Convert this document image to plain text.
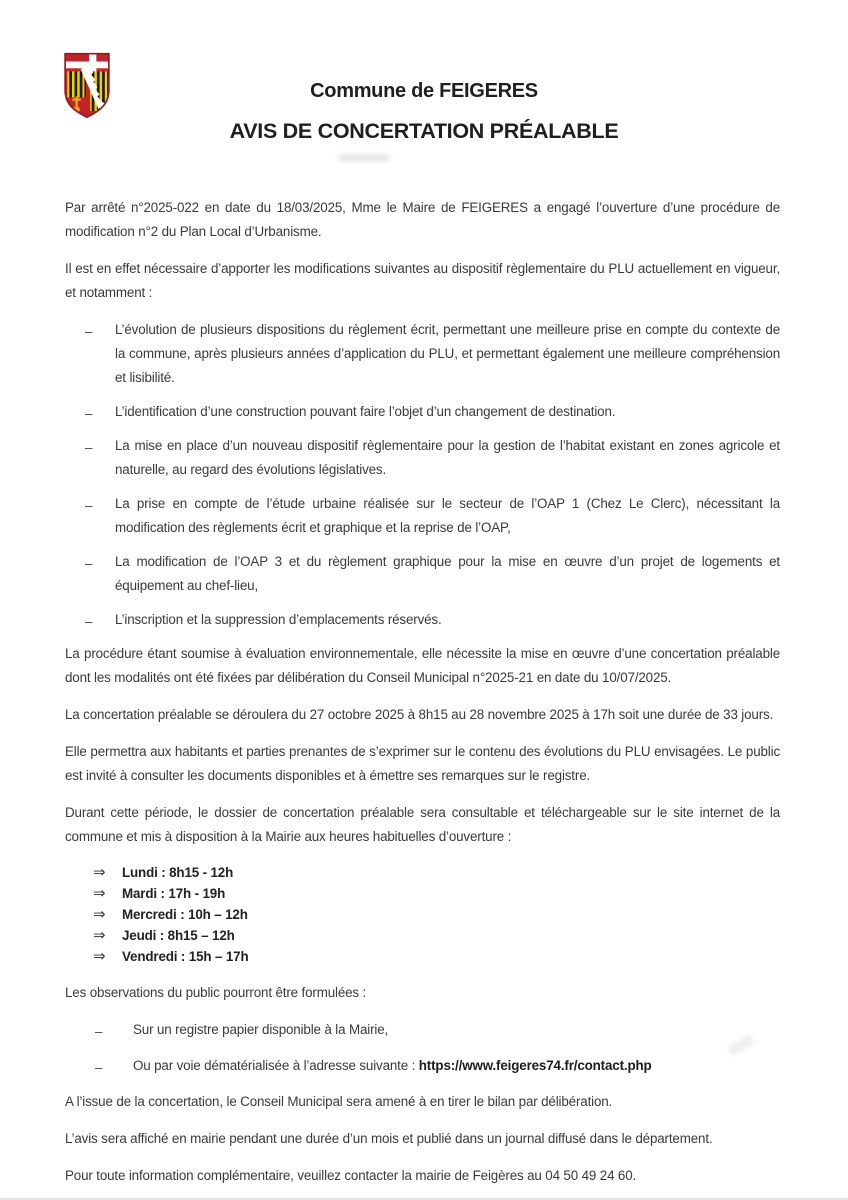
Commune de FEIGERES
AVIS DE CONCERTATION PRÉALABLE

Par arrêté n°2025-022 en date du 18/03/2025, Mme le Maire de FEIGERES a engagé l’ouverture d’une procédure de modification n°2 du Plan Local d’Urbanisme.

Il est en effet nécessaire d’apporter les modifications suivantes au dispositif règlementaire du PLU actuellement en vigueur, et notamment :

–	L’évolution de plusieurs dispositions du règlement écrit, permettant une meilleure prise en compte du contexte de la commune, après plusieurs années d’application du PLU, et permettant également une meilleure compréhension et lisibilité.
–	L’identification d’une construction pouvant faire l’objet d’un changement de destination.
–	La mise en place d’un nouveau dispositif règlementaire pour la gestion de l’habitat existant en zones agricole et naturelle, au regard des évolutions législatives.
–	La prise en compte de l’étude urbaine réalisée sur le secteur de l’OAP 1 (Chez Le Clerc), nécessitant la modification des règlements écrit et graphique et la reprise de l’OAP,
–	La modification de l’OAP 3 et du règlement graphique pour la mise en œuvre d’un projet de logements et équipement au chef-lieu,
–	L’inscription et la suppression d’emplacements réservés.

La procédure étant soumise à évaluation environnementale, elle nécessite la mise en œuvre d’une concertation préalable dont les modalités ont été fixées par délibération du Conseil Municipal n°2025-21 en date du 10/07/2025.

La concertation préalable se déroulera du 27 octobre 2025 à 8h15 au 28 novembre 2025 à 17h soit une durée de 33 jours.

Elle permettra aux habitants et parties prenantes de s’exprimer sur le contenu des évolutions du PLU envisagées. Le public est invité à consulter les documents disponibles et à émettre ses remarques sur le registre.

Durant cette période, le dossier de concertation préalable sera consultable et téléchargeable sur le site internet de la commune et mis à disposition à la Mairie aux heures habituelles d’ouverture :

⇒	Lundi : 8h15 - 12h
⇒	Mardi : 17h - 19h
⇒	Mercredi : 10h – 12h
⇒	Jeudi : 8h15 – 12h
⇒	Vendredi : 15h – 17h

Les observations du public pourront être formulées :

–	Sur un registre papier disponible à la Mairie,
–	Ou par voie dématérialisée à l’adresse suivante : https://www.feigeres74.fr/contact.php

A l’issue de la concertation, le Conseil Municipal sera amené à en tirer le bilan par délibération.

L’avis sera affiché en mairie pendant une durée d’un mois et publié dans un journal diffusé dans le département.

Pour toute information complémentaire, veuillez contacter la mairie de Feigères au 04 50 49 24 60.
